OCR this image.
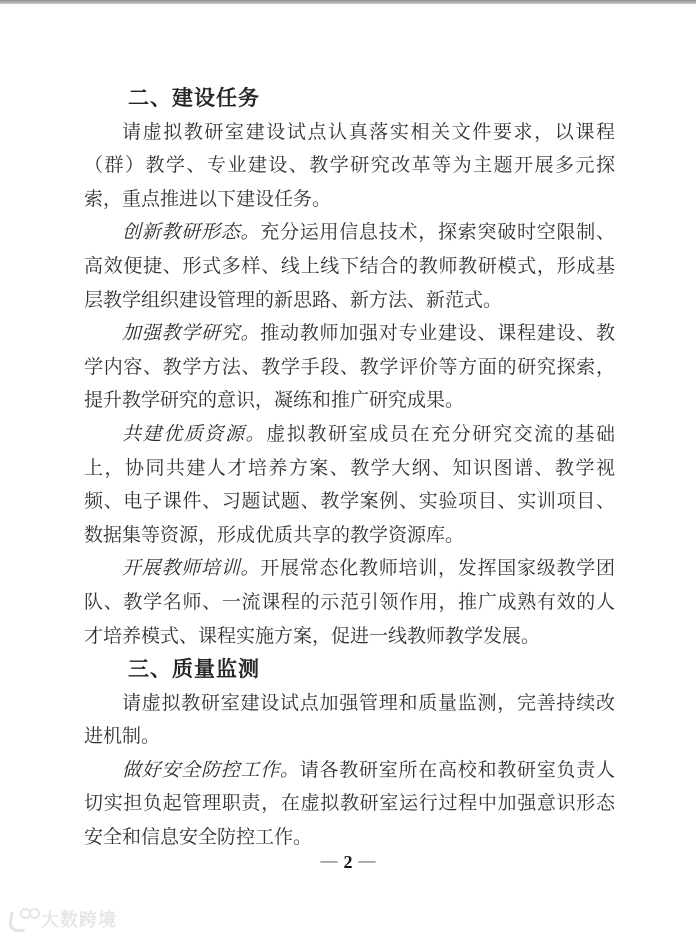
二、建设任务

请虚拟教研室建设试点认真落实相关文件要求，以课程（群）教学、专业建设、教学研究改革等为主题开展多元探索，重点推进以下建设任务。

创新教研形态。充分运用信息技术，探索突破时空限制、高效便捷、形式多样、线上线下结合的教师教研模式，形成基层教学组织建设管理的新思路、新方法、新范式。

加强教学研究。推动教师加强对专业建设、课程建设、教学内容、教学方法、教学手段、教学评价等方面的研究探索，提升教学研究的意识，凝练和推广研究成果。

共建优质资源。虚拟教研室成员在充分研究交流的基础上，协同共建人才培养方案、教学大纲、知识图谱、教学视频、电子课件、习题试题、教学案例、实验项目、实训项目、数据集等资源，形成优质共享的教学资源库。

开展教师培训。开展常态化教师培训，发挥国家级教学团队、教学名师、一流课程的示范引领作用，推广成熟有效的人才培养模式、课程实施方案，促进一线教师教学发展。

三、质量监测

请虚拟教研室建设试点加强管理和质量监测，完善持续改进机制。

做好安全防控工作。请各教研室所在高校和教研室负责人切实担负起管理职责，在虚拟教研室运行过程中加强意识形态安全和信息安全防控工作。

— 2 —
大数跨境
